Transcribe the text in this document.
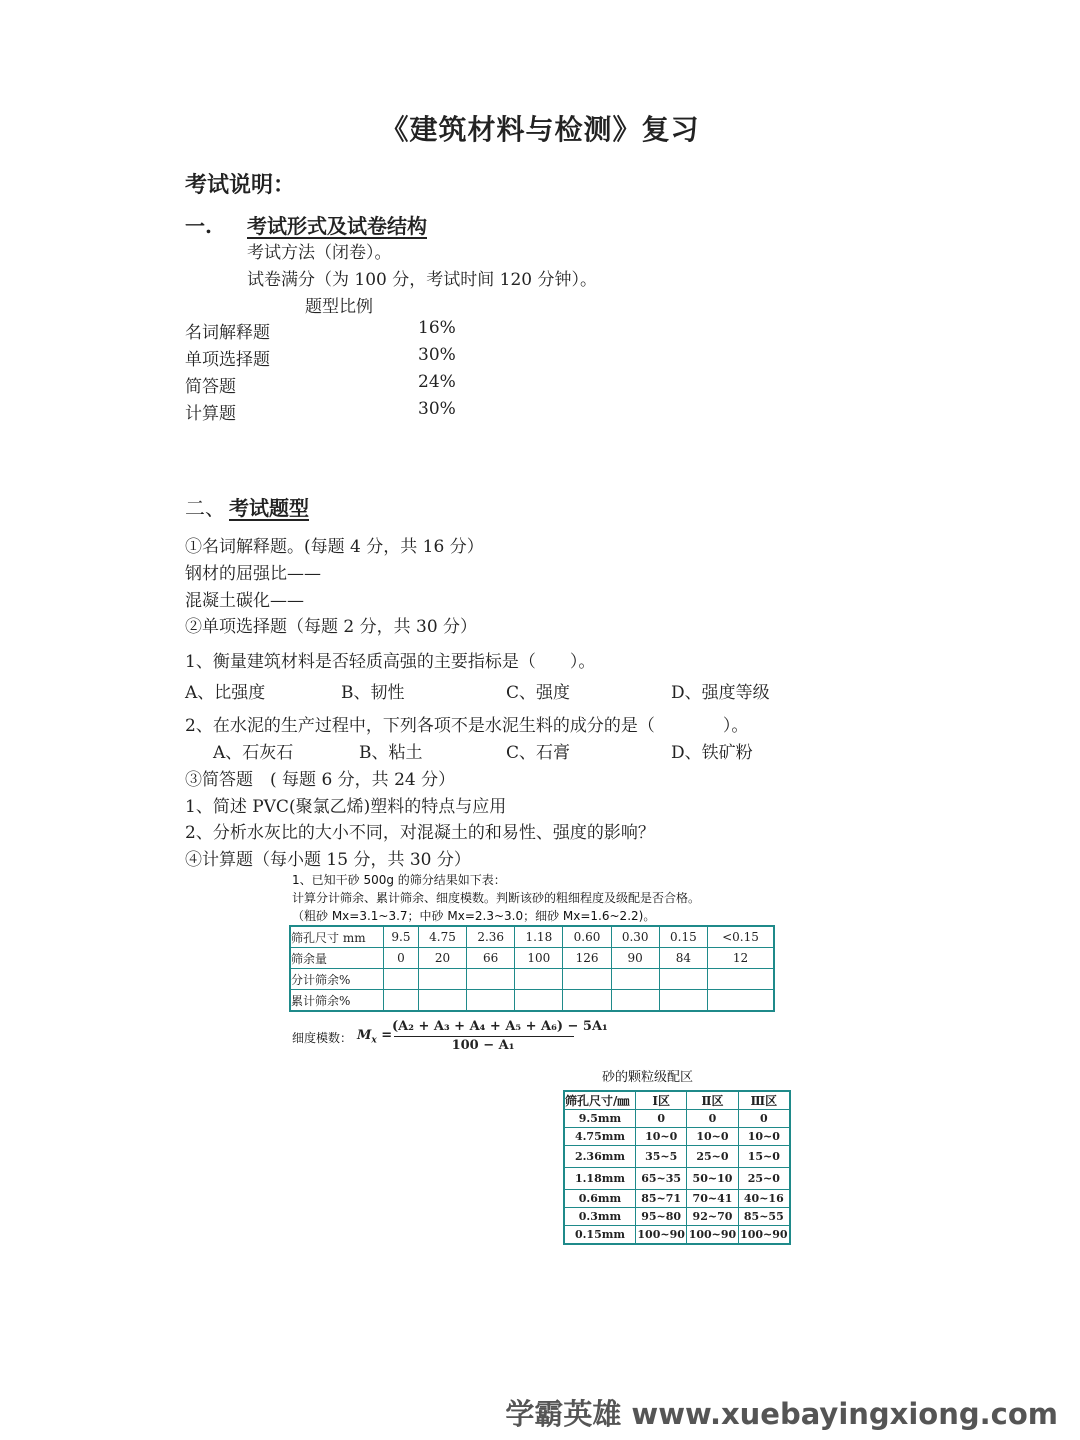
《建筑材料与检测》复习
考试说明：
一. 考试形式及试卷结构
考试方法（闭卷）。
试卷满分（为 100 分，考试时间 120 分钟）。
题型比例
名词解释题	16%
单项选择题	30%
简答题	24%
计算题	30%
二、 考试题型
①名词解释题。(每题 4 分，共 16 分）
钢材的屈强比——
混凝土碳化——
②单项选择题（每题 2 分，共 30 分）
1、衡量建筑材料是否轻质高强的主要指标是（　　）。
A、比强度	B、韧性	C、强度	D、强度等级
2、在水泥的生产过程中，下列各项不是水泥生料的成分的是（　　　　）。
A、石灰石	B、粘土	C、石膏	D、铁矿粉
③简答题　( 每题 6 分，共 24 分）
1、简述 PVC(聚氯乙烯)塑料的特点与应用
2、分析水灰比的大小不同，对混凝土的和易性、强度的影响？
④计算题（每小题 15 分，共 30 分）
1、已知干砂 500g 的筛分结果如下表：
计算分计筛余、累计筛余、细度模数。判断该砂的粗细程度及级配是否合格。
（粗砂 Mx=3.1~3.7；中砂 Mx=2.3~3.0；细砂 Mx=1.6~2.2)。
筛孔尺寸 mm	9.5	4.75	2.36	1.18	0.60	0.30	0.15	<0.15
筛余量	0	20	66	100	126	90	84	12
分计筛余%								
累计筛余%								
细度模数： $M_x$ =
(A₂ + A₃ + A₄ + A₅ + A₆) − 5A₁
100 − A₁
砂的颗粒级配区
筛孔尺寸/㎜	Ⅰ区	Ⅱ区	Ⅲ区
9.5mm	0	0	0
4.75mm	10~0	10~0	10~0
2.36mm	35~5	25~0	15~0
1.18mm	65~35	50~10	25~0
0.6mm	85~71	70~41	40~16
0.3mm	95~80	92~70	85~55
0.15mm	100~90	100~90	100~90
学霸英雄 www.xuebayingxiong.com
